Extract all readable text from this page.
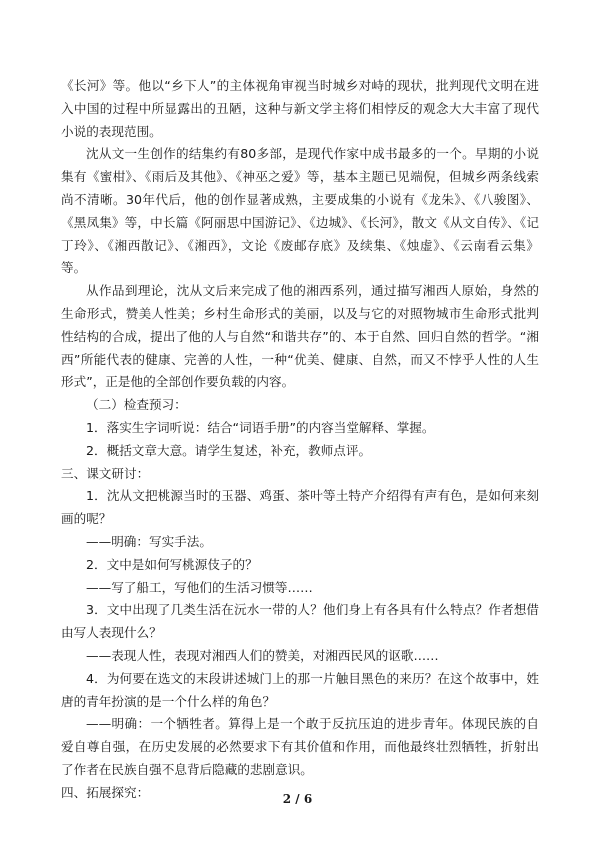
《长河》等。他以“乡下人”的主体视角审视当时城乡对峙的现状，批判现代文明在进入中国的过程中所显露出的丑陋，这种与新文学主将们相悖反的观念大大丰富了现代小说的表现范围。

沈从文一生创作的结集约有80多部，是现代作家中成书最多的一个。早期的小说集有《蜜柑》、《雨后及其他》、《神巫之爱》等，基本主题已见端倪，但城乡两条线索尚不清晰。30年代后，他的创作显著成熟，主要成集的小说有《龙朱》、《八骏图》、《黑凤集》等，中长篇《阿丽思中国游记》、《边城》、《长河》，散文《从文自传》、《记丁玲》、《湘西散记》、《湘西》，文论《废邮存底》及续集、《烛虚》、《云南看云集》等。

从作品到理论，沈从文后来完成了他的湘西系列，通过描写湘西人原始，身然的生命形式，赞美人性美；乡村生命形式的美丽，以及与它的对照物城市生命形式批判性结构的合成，提出了他的人与自然“和谐共存”的、本于自然、回归自然的哲学。“湘西”所能代表的健康、完善的人性，一种“优美、健康、自然，而又不悖乎人性的人生形式”，正是他的全部创作要负载的内容。

（二）检查预习：

1．落实生字词听说：结合“词语手册”的内容当堂解释、掌握。

2．概括文章大意。请学生复述，补充，教师点评。

三、课文研讨：

1．沈从文把桃源当时的玉器、鸡蛋、茶叶等土特产介绍得有声有色，是如何来刻画的呢？

——明确：写实手法。

2．文中是如何写桃源伎子的？

——写了船工，写他们的生活习惯等……

3．文中出现了几类生活在沅水一带的人？他们身上有各具有什么特点？作者想借由写人表现什么？

——表现人性，表现对湘西人们的赞美，对湘西民风的讴歌……

4．为何要在选文的末段讲述城门上的那一片触目黑色的来历？在这个故事中，姓唐的青年扮演的是一个什么样的角色？

——明确：一个牺牲者。算得上是一个敢于反抗压迫的进步青年。体现民族的自爱自尊自强，在历史发展的必然要求下有其价值和作用，而他最终壮烈牺牲，折射出了作者在民族自强不息背后隐藏的悲剧意识。

四、拓展探究：	2 / 6
